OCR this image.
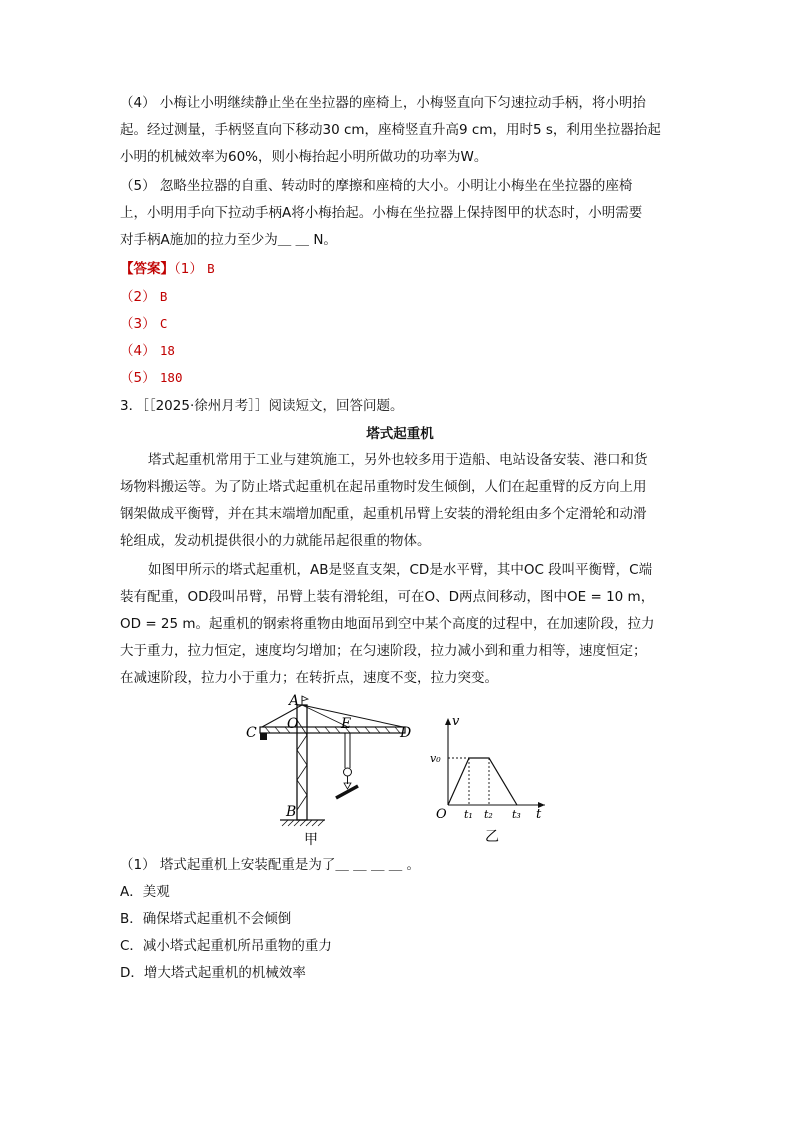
（4） 小梅让小明继续静止坐在坐拉器的座椅上，小梅竖直向下匀速拉动手柄，将小明抬
起。经过测量，手柄竖直向下移动30 cm，座椅竖直升高9 cm，用时5 s，利用坐拉器抬起
小明的机械效率为60%，则小梅抬起小明所做功的功率为W。
（5） 忽略坐拉器的自重、转动时的摩擦和座椅的大小。小明让小梅坐在坐拉器的座椅
上，小明用手向下拉动手柄A将小梅抬起。小梅在坐拉器上保持图甲的状态时，小明需要
对手柄A施加的拉力至少为＿ ＿ N。
【答案】（1） B
（2） B
（3） C
（4） 18
（5） 180
3．［［2025·徐州月考］］阅读短文，回答问题。
塔式起重机
塔式起重机常用于工业与建筑施工，另外也较多用于造船、电站设备安装、港口和货
场物料搬运等。为了防止塔式起重机在起吊重物时发生倾倒，人们在起重臂的反方向上用
钢架做成平衡臂，并在其末端增加配重，起重机吊臂上安装的滑轮组由多个定滑轮和动滑
轮组成，发动机提供很小的力就能吊起很重的物体。
如图甲所示的塔式起重机，AB是竖直支架，CD是水平臂，其中OC 段叫平衡臂，C端
装有配重，OD段叫吊臂，吊臂上装有滑轮组，可在O、D两点间移动，图中OE = 10 m，
OD = 25 m。起重机的钢索将重物由地面吊到空中某个高度的过程中，在加速阶段，拉力
大于重力，拉力恒定，速度均匀增加；在匀速阶段，拉力减小到和重力相等，速度恒定；
在减速阶段，拉力小于重力；在转折点，速度不变，拉力突变。
A
O	E
C	D
B
甲
v
v₀
O t₁ t₂ t₃ t
乙
（1） 塔式起重机上安装配重是为了＿ ＿ ＿ ＿ 。
A．美观
B．确保塔式起重机不会倾倒
C．减小塔式起重机所吊重物的重力
D．增大塔式起重机的机械效率
